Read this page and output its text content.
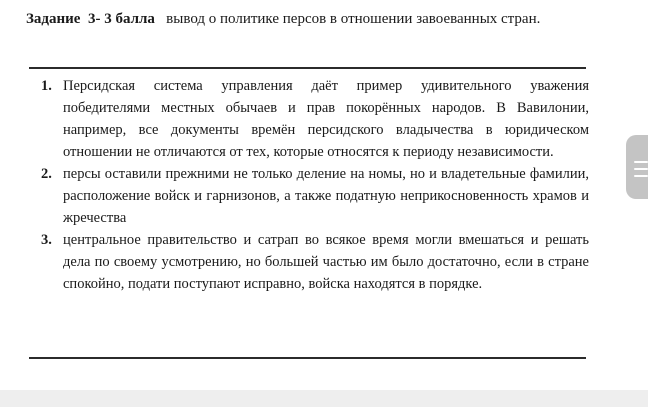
Задание 3- 3 балла вывод о политике персов в отношении завоеванных стран.
1. Персидская система управления даёт пример удивительного уважения победителями местных обычаев и прав покорённых народов. В Вавилонии, например, все документы времён персидского владычества в юридическом отношении не отличаются от тех, которые относятся к периоду независимости.
2. персы оставили прежними не только деление на номы, но и владетельные фамилии, расположение войск и гарнизонов, а также податную неприкосновенность храмов и жречества
3. центральное правительство и сатрап во всякое время могли вмешаться и решать дела по своему усмотрению, но большей частью им было достаточно, если в стране спокойно, подати поступают исправно, войска находятся в порядке.
